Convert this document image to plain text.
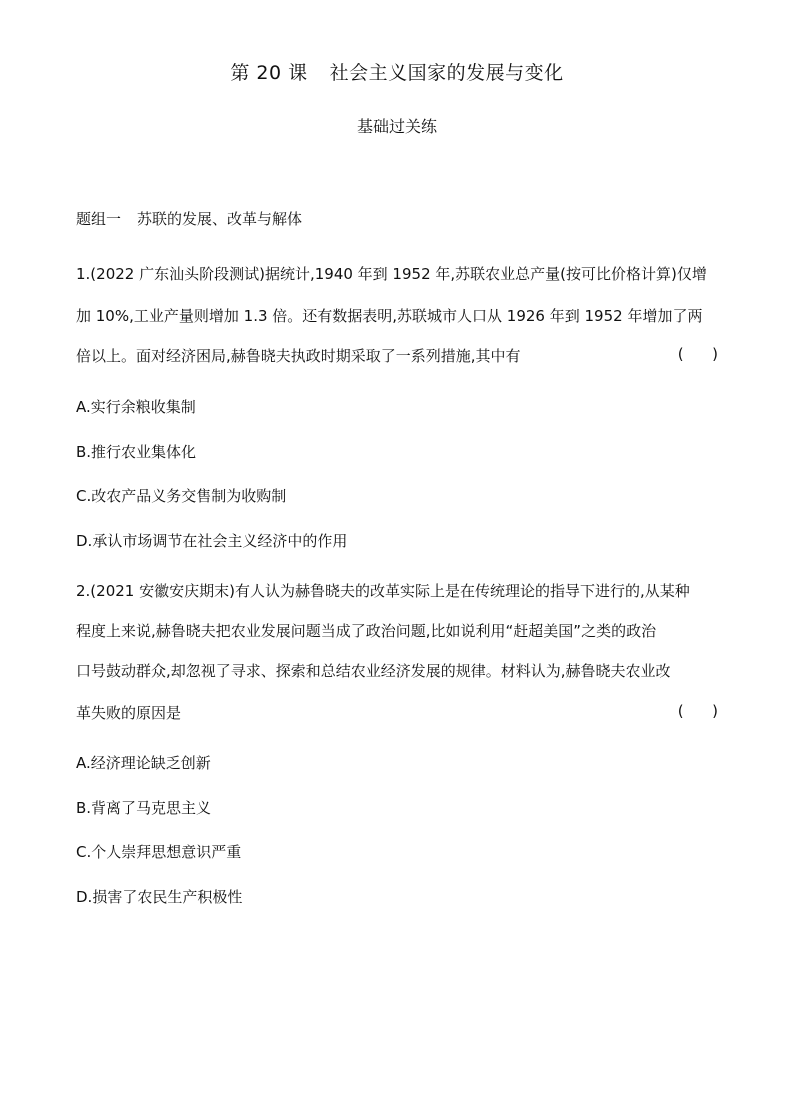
第 20 课 社会主义国家的发展与变化
基础过关练
题组一 苏联的发展、改革与解体
1.(2022 广东汕头阶段测试)据统计,1940 年到 1952 年,苏联农业总产量(按可比价格计算)仅增
加 10%,工业产量则增加 1.3 倍。还有数据表明,苏联城市人口从 1926 年到 1952 年增加了两
倍以上。面对经济困局,赫鲁晓夫执政时期采取了一系列措施,其中有	(      )
A.实行余粮收集制
B.推行农业集体化
C.改农产品义务交售制为收购制
D.承认市场调节在社会主义经济中的作用
2.(2021 安徽安庆期末)有人认为赫鲁晓夫的改革实际上是在传统理论的指导下进行的,从某种
程度上来说,赫鲁晓夫把农业发展问题当成了政治问题,比如说利用“赶超美国”之类的政治
口号鼓动群众,却忽视了寻求、探索和总结农业经济发展的规律。材料认为,赫鲁晓夫农业改
革失败的原因是	(      )
A.经济理论缺乏创新
B.背离了马克思主义
C.个人崇拜思想意识严重
D.损害了农民生产积极性
